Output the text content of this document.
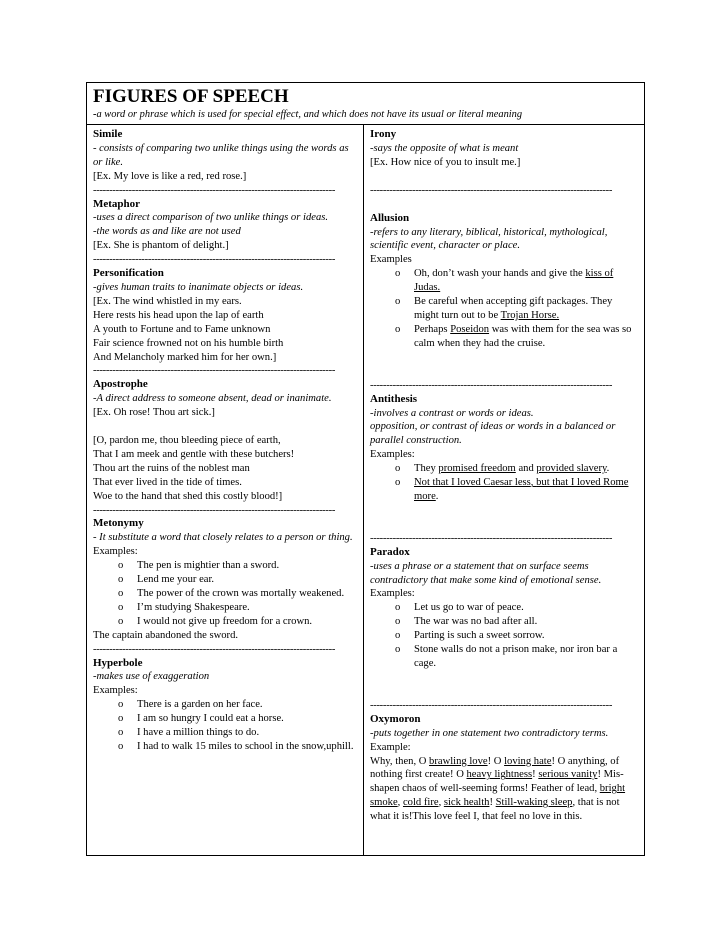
FIGURES OF SPEECH
-a word or phrase which is used for special effect, and which does not have its usual or literal meaning
Simile
- consists of comparing two unlike things using the words as or like.
[Ex. My love is like a red, red rose.]
---------------------------------------------------------------------------
Metaphor
-uses a direct comparison of two unlike things or ideas.
-the words as and like are not used
[Ex. She is phantom of delight.]
---------------------------------------------------------------------------
Personification
-gives human traits to inanimate objects or ideas.
[Ex. The wind whistled in my ears.
Here rests his head upon the lap of earth
A youth to Fortune and to Fame unknown
Fair science frowned not on his humble birth
And Melancholy marked him for her own.]
---------------------------------------------------------------------------
Apostrophe
-A direct address to someone absent, dead or inanimate.
[Ex. Oh rose! Thou art sick.]
[O, pardon me, thou bleeding piece of earth,
That I am meek and gentle with these butchers!
Thou art the ruins of the noblest man
That ever lived in the tide of times.
Woe to the hand that shed this costly blood!]
---------------------------------------------------------------------------
Metonymy
- It substitute a word that closely relates to a person or thing.
Examples:
o The pen is mightier than a sword.
o Lend me your ear.
o The power of the crown was mortally weakened.
o I’m studying Shakespeare.
o I would not give up freedom for a crown.
The captain abandoned the sword.
---------------------------------------------------------------------------
Hyperbole
-makes use of exaggeration
Examples:
o There is a garden on her face.
o I am so hungry I could eat a horse.
o I have a million things to do.
o I had to walk 15 miles to school in the snow,uphill.
Irony
-says the opposite of what is meant
[Ex. How nice of you to insult me.]
---------------------------------------------------------------------------
Allusion
-refers to any literary, biblical, historical, mythological, scientific event, character or place.
Examples
o Oh, don’t wash your hands and give the kiss of Judas.
o Be careful when accepting gift packages. They might turn out to be Trojan Horse.
o Perhaps Poseidon was with them for the sea was so calm when they had the cruise.
---------------------------------------------------------------------------
Antithesis
-involves a contrast or words or ideas.
opposition, or contrast of ideas or words in a balanced or parallel construction.
Examples:
o They promised freedom and provided slavery.
o Not that I loved Caesar less, but that I loved Rome more.
---------------------------------------------------------------------------
Paradox
-uses a phrase or a statement that on surface seems contradictory that make some kind of emotional sense.
Examples:
o Let us go to war of peace.
o The war was no bad after all.
o Parting is such a sweet sorrow.
o Stone walls do not a prison make, nor iron bar a cage.
---------------------------------------------------------------------------
Oxymoron
-puts together in one statement two contradictory terms.
Example:
Why, then, O brawling love! O loving hate! O anything, of nothing first create! O heavy lightness! serious vanity! Mis-shapen chaos of well-seeming forms! Feather of lead, bright smoke, cold fire, sick health! Still-waking sleep, that is not what it is!This love feel I, that feel no love in this.
